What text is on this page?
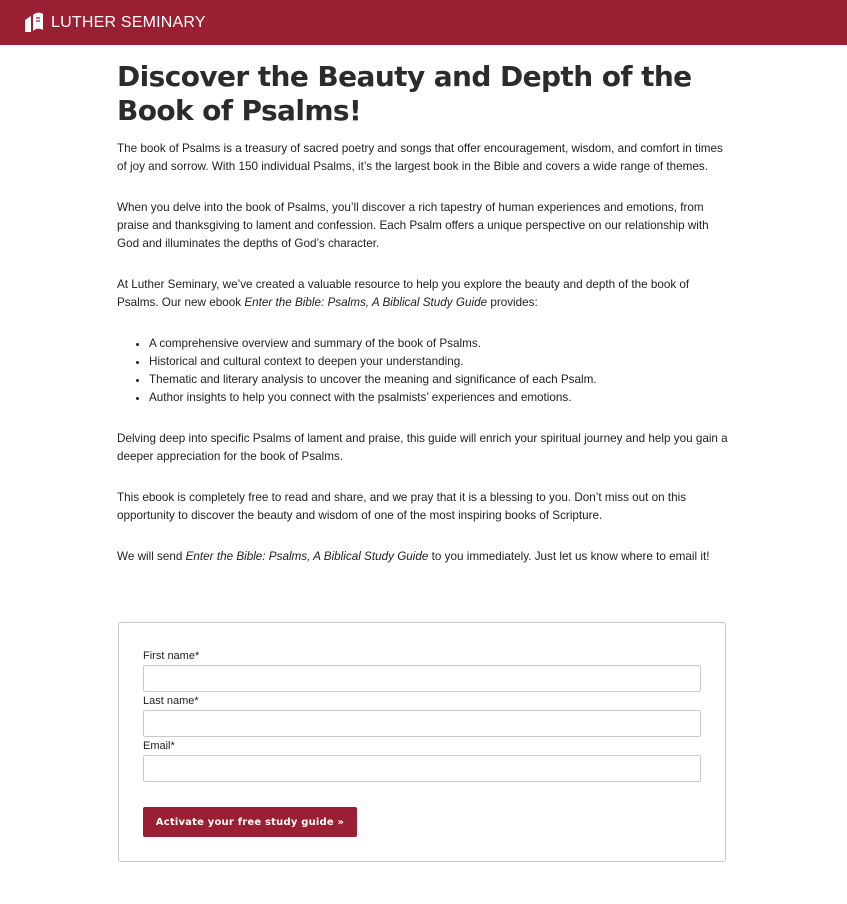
LUTHER SEMINARY
Discover the Beauty and Depth of the Book of Psalms!

The book of Psalms is a treasury of sacred poetry and songs that offer encouragement, wisdom, and comfort in times of joy and sorrow. With 150 individual Psalms, it’s the largest book in the Bible and covers a wide range of themes.

When you delve into the book of Psalms, you’ll discover a rich tapestry of human experiences and emotions, from praise and thanksgiving to lament and confession. Each Psalm offers a unique perspective on our relationship with God and illuminates the depths of God’s character.

At Luther Seminary, we’ve created a valuable resource to help you explore the beauty and depth of the book of Psalms. Our new ebook Enter the Bible: Psalms, A Biblical Study Guide provides:

• A comprehensive overview and summary of the book of Psalms.
• Historical and cultural context to deepen your understanding.
• Thematic and literary analysis to uncover the meaning and significance of each Psalm.
• Author insights to help you connect with the psalmists’ experiences and emotions.

Delving deep into specific Psalms of lament and praise, this guide will enrich your spiritual journey and help you gain a deeper appreciation for the book of Psalms.

This ebook is completely free to read and share, and we pray that it is a blessing to you. Don’t miss out on this opportunity to discover the beauty and wisdom of one of the most inspiring books of Scripture.

We will send Enter the Bible: Psalms, A Biblical Study Guide to you immediately. Just let us know where to email it!

First name*
Last name*
Email*
Activate your free study guide »
